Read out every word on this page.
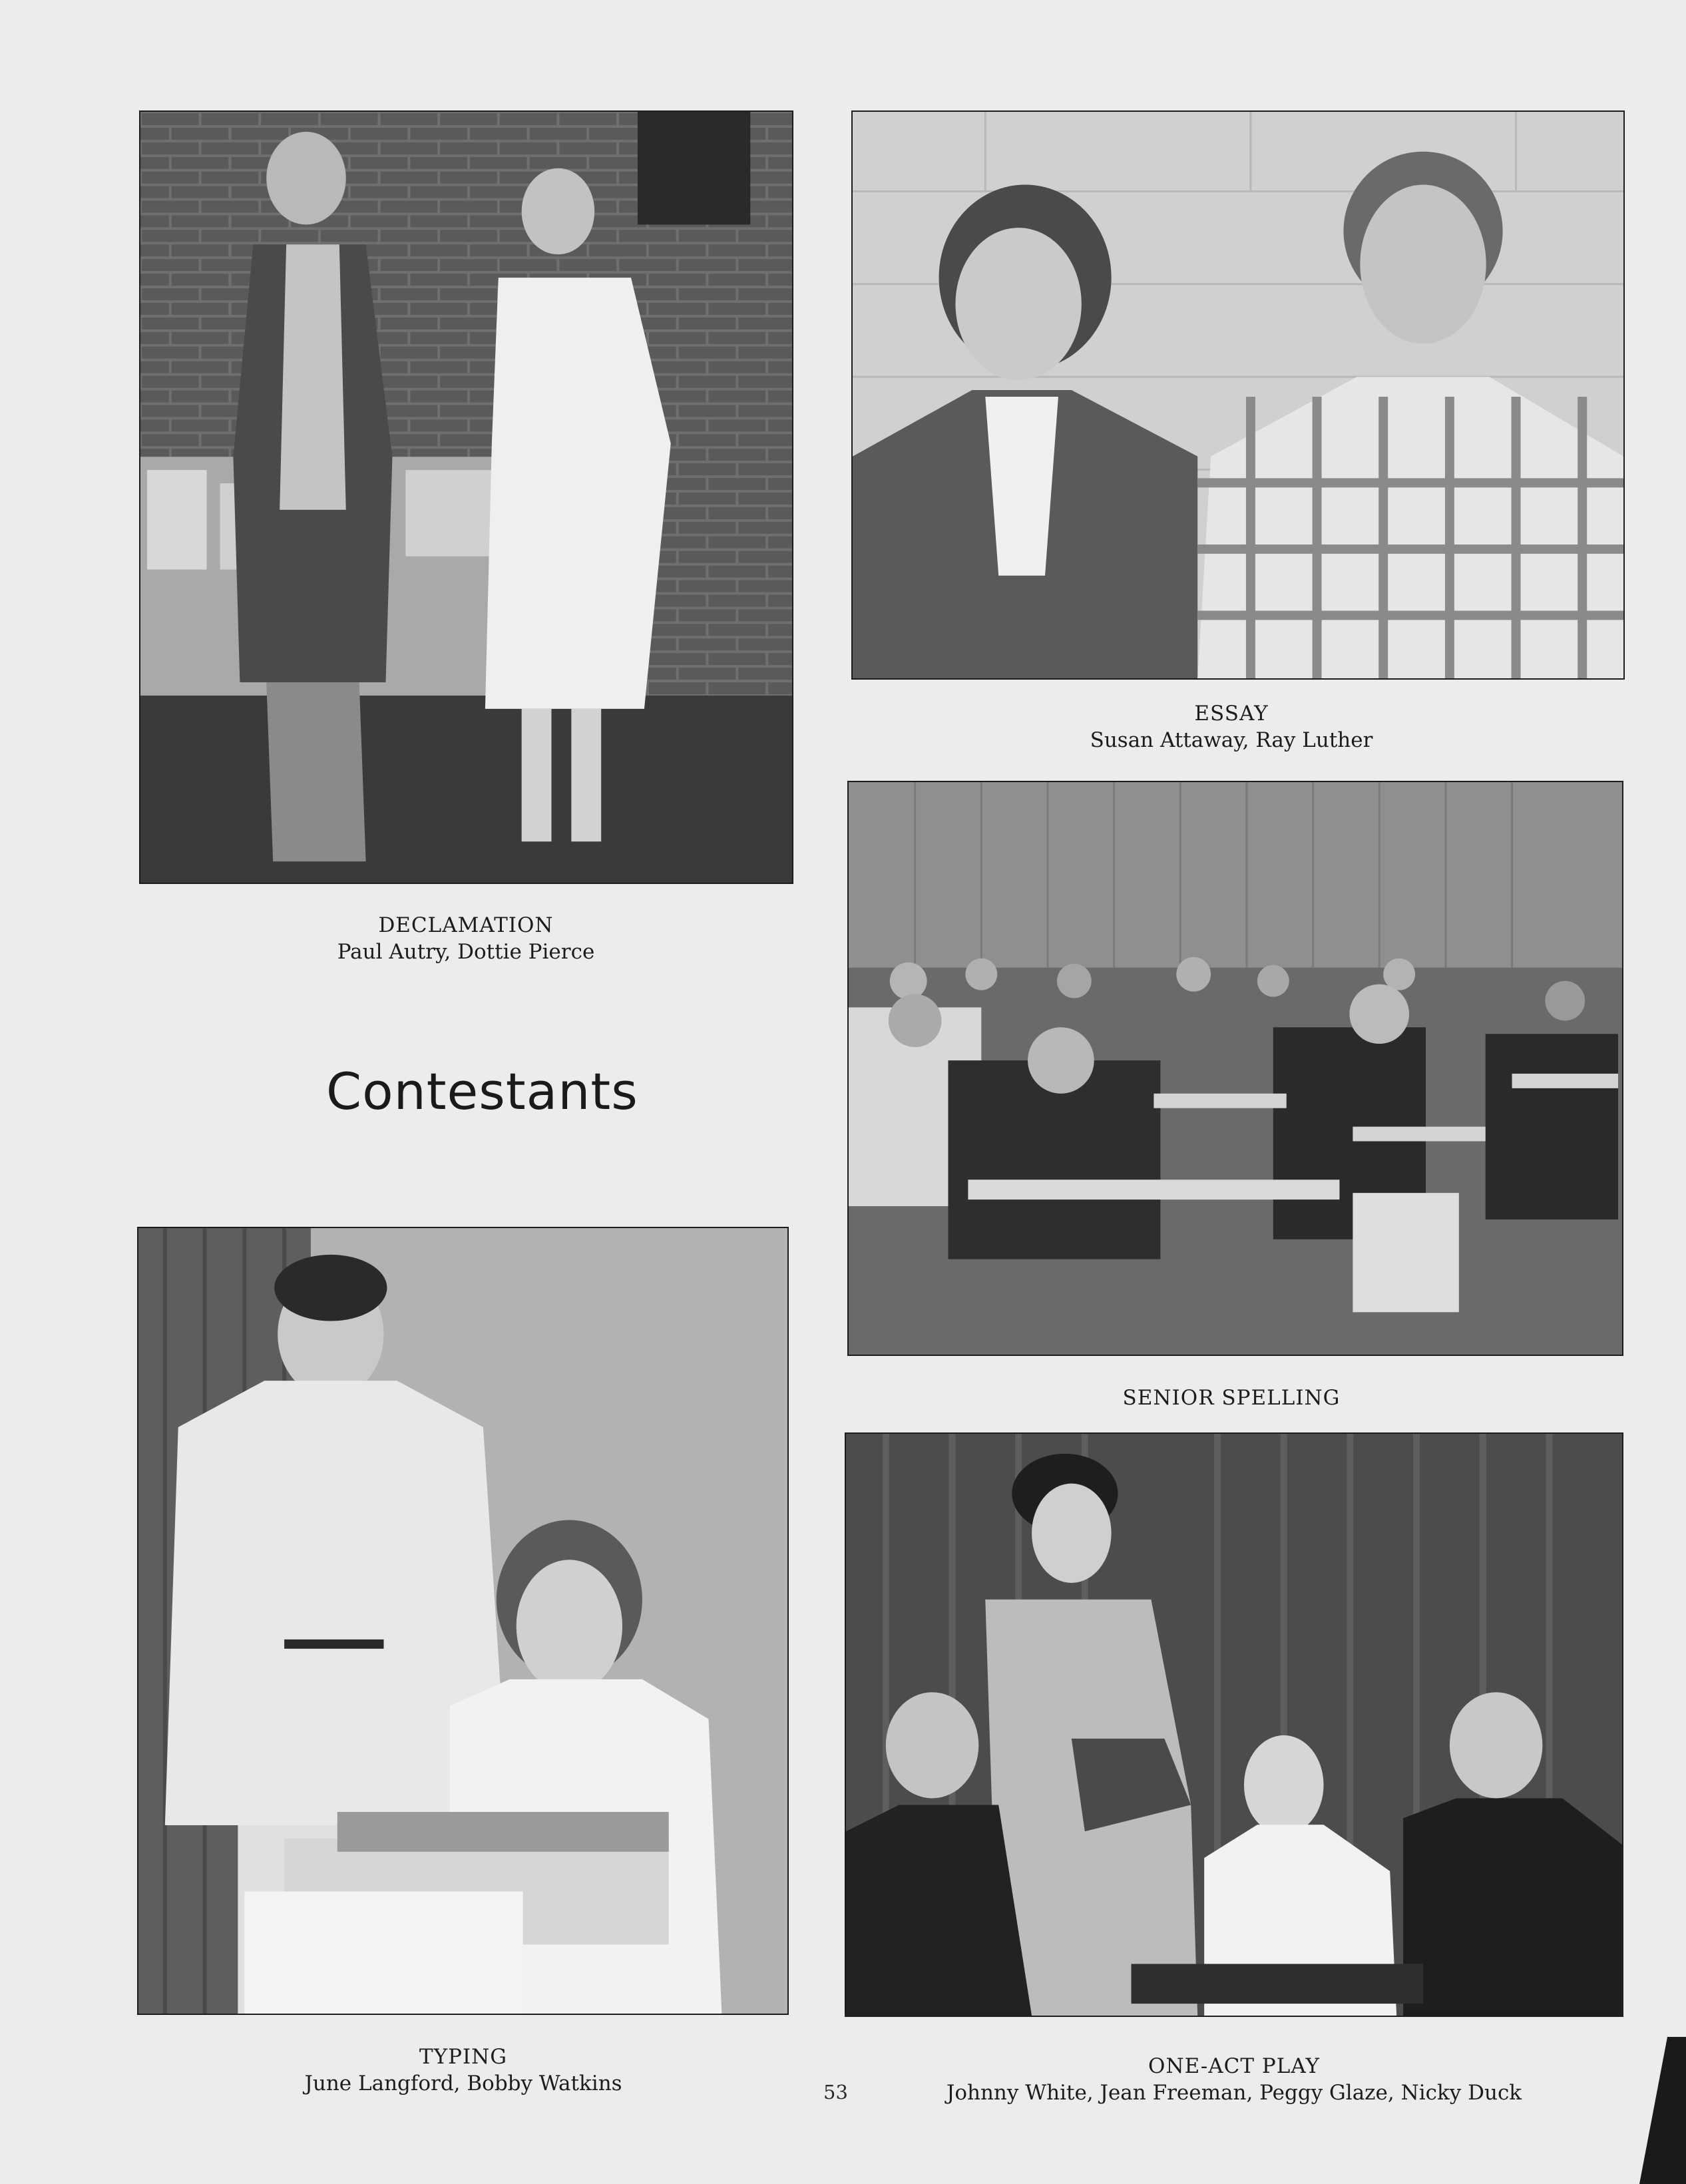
DECLAMATION
Paul Autry, Dottie Pierce
ESSAY
Susan Attaway, Ray Luther
Contestants
SENIOR SPELLING
TYPING
June Langford, Bobby Watkins
ONE-ACT PLAY
Johnny White, Jean Freeman, Peggy Glaze, Nicky Duck
53
